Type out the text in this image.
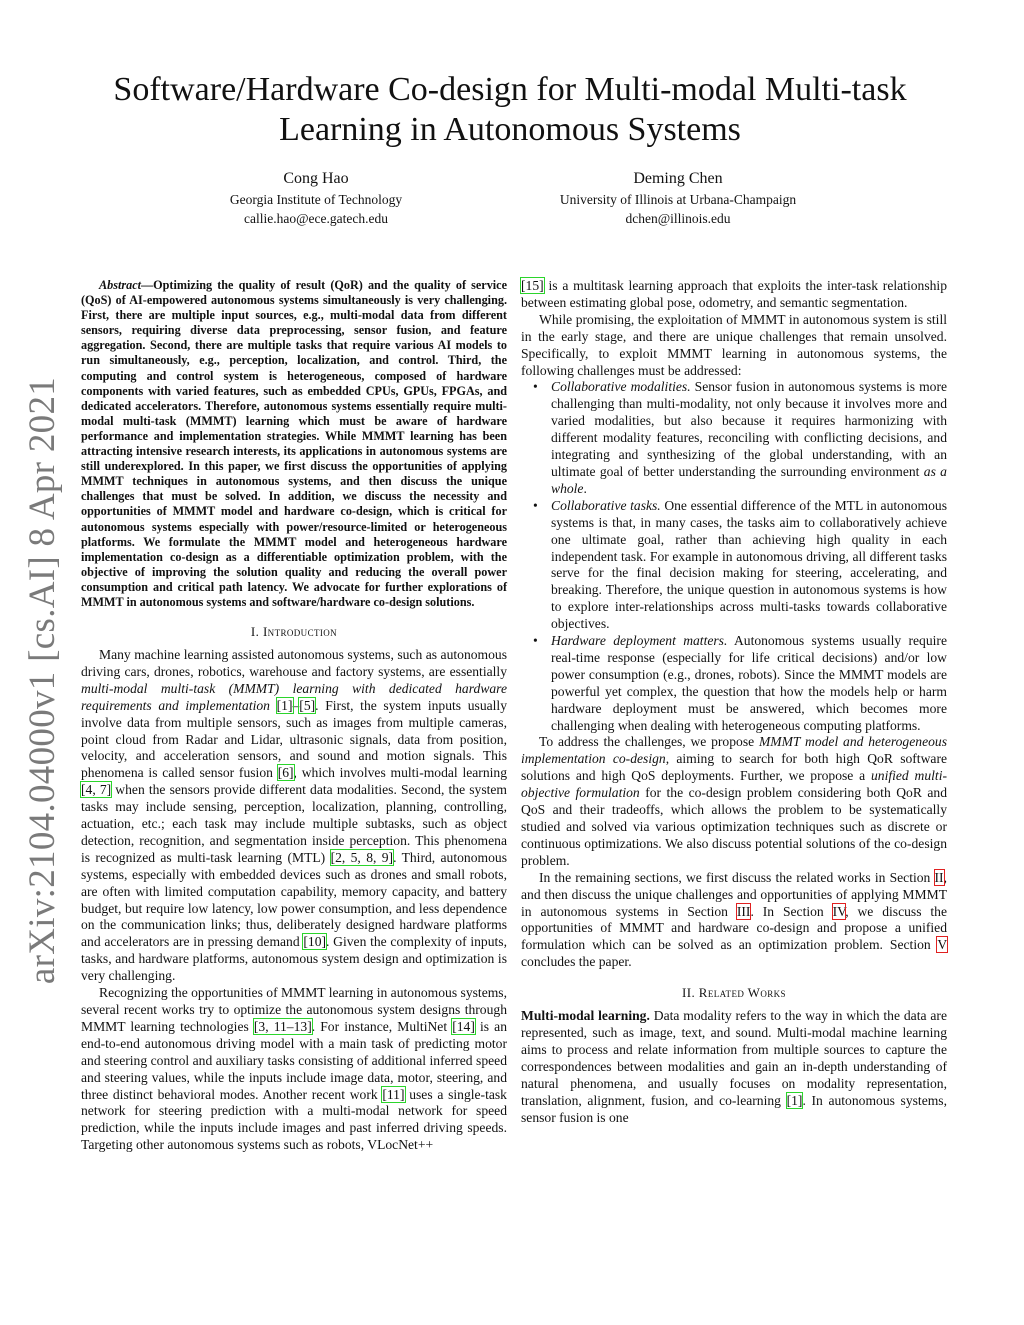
arXiv:2104.04000v1 [cs.AI] 8 Apr 2021
Software/Hardware Co-design for Multi-modal Multi-task
Learning in Autonomous Systems
Cong Hao
Georgia Institute of Technology
callie.hao@ece.gatech.edu
Deming Chen
University of Illinois at Urbana-Champaign
dchen@illinois.edu

Abstract—Optimizing the quality of result (QoR) and the quality of service (QoS) of AI-empowered autonomous systems simultaneously is very challenging. First, there are multiple input sources, e.g., multi-modal data from different sensors, requiring diverse data preprocessing, sensor fusion, and feature aggregation. Second, there are multiple tasks that require various AI models to run simultaneously, e.g., perception, localization, and control. Third, the computing and control system is heterogeneous, composed of hardware components with varied features, such as embedded CPUs, GPUs, FPGAs, and dedicated accelerators. Therefore, autonomous systems essentially require multi-modal multi-task (MMMT) learning which must be aware of hardware performance and implementation strategies. While MMMT learning has been attracting intensive research interests, its applications in autonomous systems are still underexplored. In this paper, we first discuss the opportunities of applying MMMT techniques in autonomous systems, and then discuss the unique challenges that must be solved. In addition, we discuss the necessity and opportunities of MMMT model and hardware co-design, which is critical for autonomous systems especially with power/resource-limited or heterogeneous platforms. We formulate the MMMT model and heterogeneous hardware implementation co-design as a differentiable optimization problem, with the objective of improving the solution quality and reducing the overall power consumption and critical path latency. We advocate for further explorations of MMMT in autonomous systems and software/hardware co-design solutions.

I. Introduction

Many machine learning assisted autonomous systems, such as autonomous driving cars, drones, robotics, warehouse and factory systems, are essentially multi-modal multi-task (MMMT) learning with dedicated hardware requirements and implementation [1]–[5]. First, the system inputs usually involve data from multiple sensors, such as images from multiple cameras, point cloud from Radar and Lidar, ultrasonic signals, data from position, velocity, and acceleration sensors, and sound and motion signals. This phenomena is called sensor fusion [6], which involves multi-modal learning [4, 7] when the sensors provide different data modalities. Second, the system tasks may include sensing, perception, localization, planning, controlling, actuation, etc.; each task may include multiple subtasks, such as object detection, recognition, and segmentation inside perception. This phenomena is recognized as multi-task learning (MTL) [2, 5, 8, 9]. Third, autonomous systems, especially with embedded devices such as drones and small robots, are often with limited computation capability, memory capacity, and battery budget, but require low latency, low power consumption, and less dependence on the communication links; thus, deliberately designed hardware platforms and accelerators are in pressing demand [10]. Given the complexity of inputs, tasks, and hardware platforms, autonomous system design and optimization is very challenging.

Recognizing the opportunities of MMMT learning in autonomous systems, several recent works try to optimize the autonomous system designs through MMMT learning technologies [3, 11–13]. For instance, MultiNet [14] is an end-to-end autonomous driving model with a main task of predicting motor and steering control and auxiliary tasks consisting of additional inferred speed and steering values, while the inputs include image data, motor, steering, and three distinct behavioral modes. Another recent work [11] uses a single-task network for steering prediction with a multi-modal network for speed prediction, while the inputs include images and past inferred driving speeds. Targeting other autonomous systems such as robots, VLocNet++

[15] is a multitask learning approach that exploits the inter-task relationship between estimating global pose, odometry, and semantic segmentation.

While promising, the exploitation of MMMT in autonomous system is still in the early stage, and there are unique challenges that remain unsolved. Specifically, to exploit MMMT learning in autonomous systems, the following challenges must be addressed:

• Collaborative modalities. Sensor fusion in autonomous systems is more challenging than multi-modality, not only because it involves more and varied modalities, but also because it requires harmonizing with different modality features, reconciling with conflicting decisions, and integrating and synthesizing of the global understanding, with an ultimate goal of better understanding the surrounding environment as a whole.
• Collaborative tasks. One essential difference of the MTL in autonomous systems is that, in many cases, the tasks aim to collaboratively achieve one ultimate goal, rather than achieving high quality in each independent task. For example in autonomous driving, all different tasks serve for the final decision making for steering, accelerating, and breaking. Therefore, the unique question in autonomous systems is how to explore inter-relationships across multi-tasks towards collaborative objectives.
• Hardware deployment matters. Autonomous systems usually require real-time response (especially for life critical decisions) and/or low power consumption (e.g., drones, robots). Since the MMMT models are powerful yet complex, the question that how the models help or harm hardware deployment must be answered, which becomes more challenging when dealing with heterogeneous computing platforms.

To address the challenges, we propose MMMT model and heterogeneous implementation co-design, aiming to search for both high QoR software solutions and high QoS deployments. Further, we propose a unified multi-objective formulation for the co-design problem considering both QoR and QoS and their tradeoffs, which allows the problem to be systematically studied and solved via various optimization techniques such as discrete or continuous optimizations. We also discuss potential solutions of the co-design problem.

In the remaining sections, we first discuss the related works in Section II, and then discuss the unique challenges and opportunities of applying MMMT in autonomous systems in Section III. In Section IV, we discuss the opportunities of MMMT and hardware co-design and propose a unified formulation which can be solved as an optimization problem. Section V concludes the paper.

II. Related Works

Multi-modal learning. Data modality refers to the way in which the data are represented, such as image, text, and sound. Multi-modal machine learning aims to process and relate information from multiple sources to capture the correspondences between modalities and gain an in-depth understanding of natural phenomena, and usually focuses on modality representation, translation, alignment, fusion, and co-learning [1]. In autonomous systems, sensor fusion is one
